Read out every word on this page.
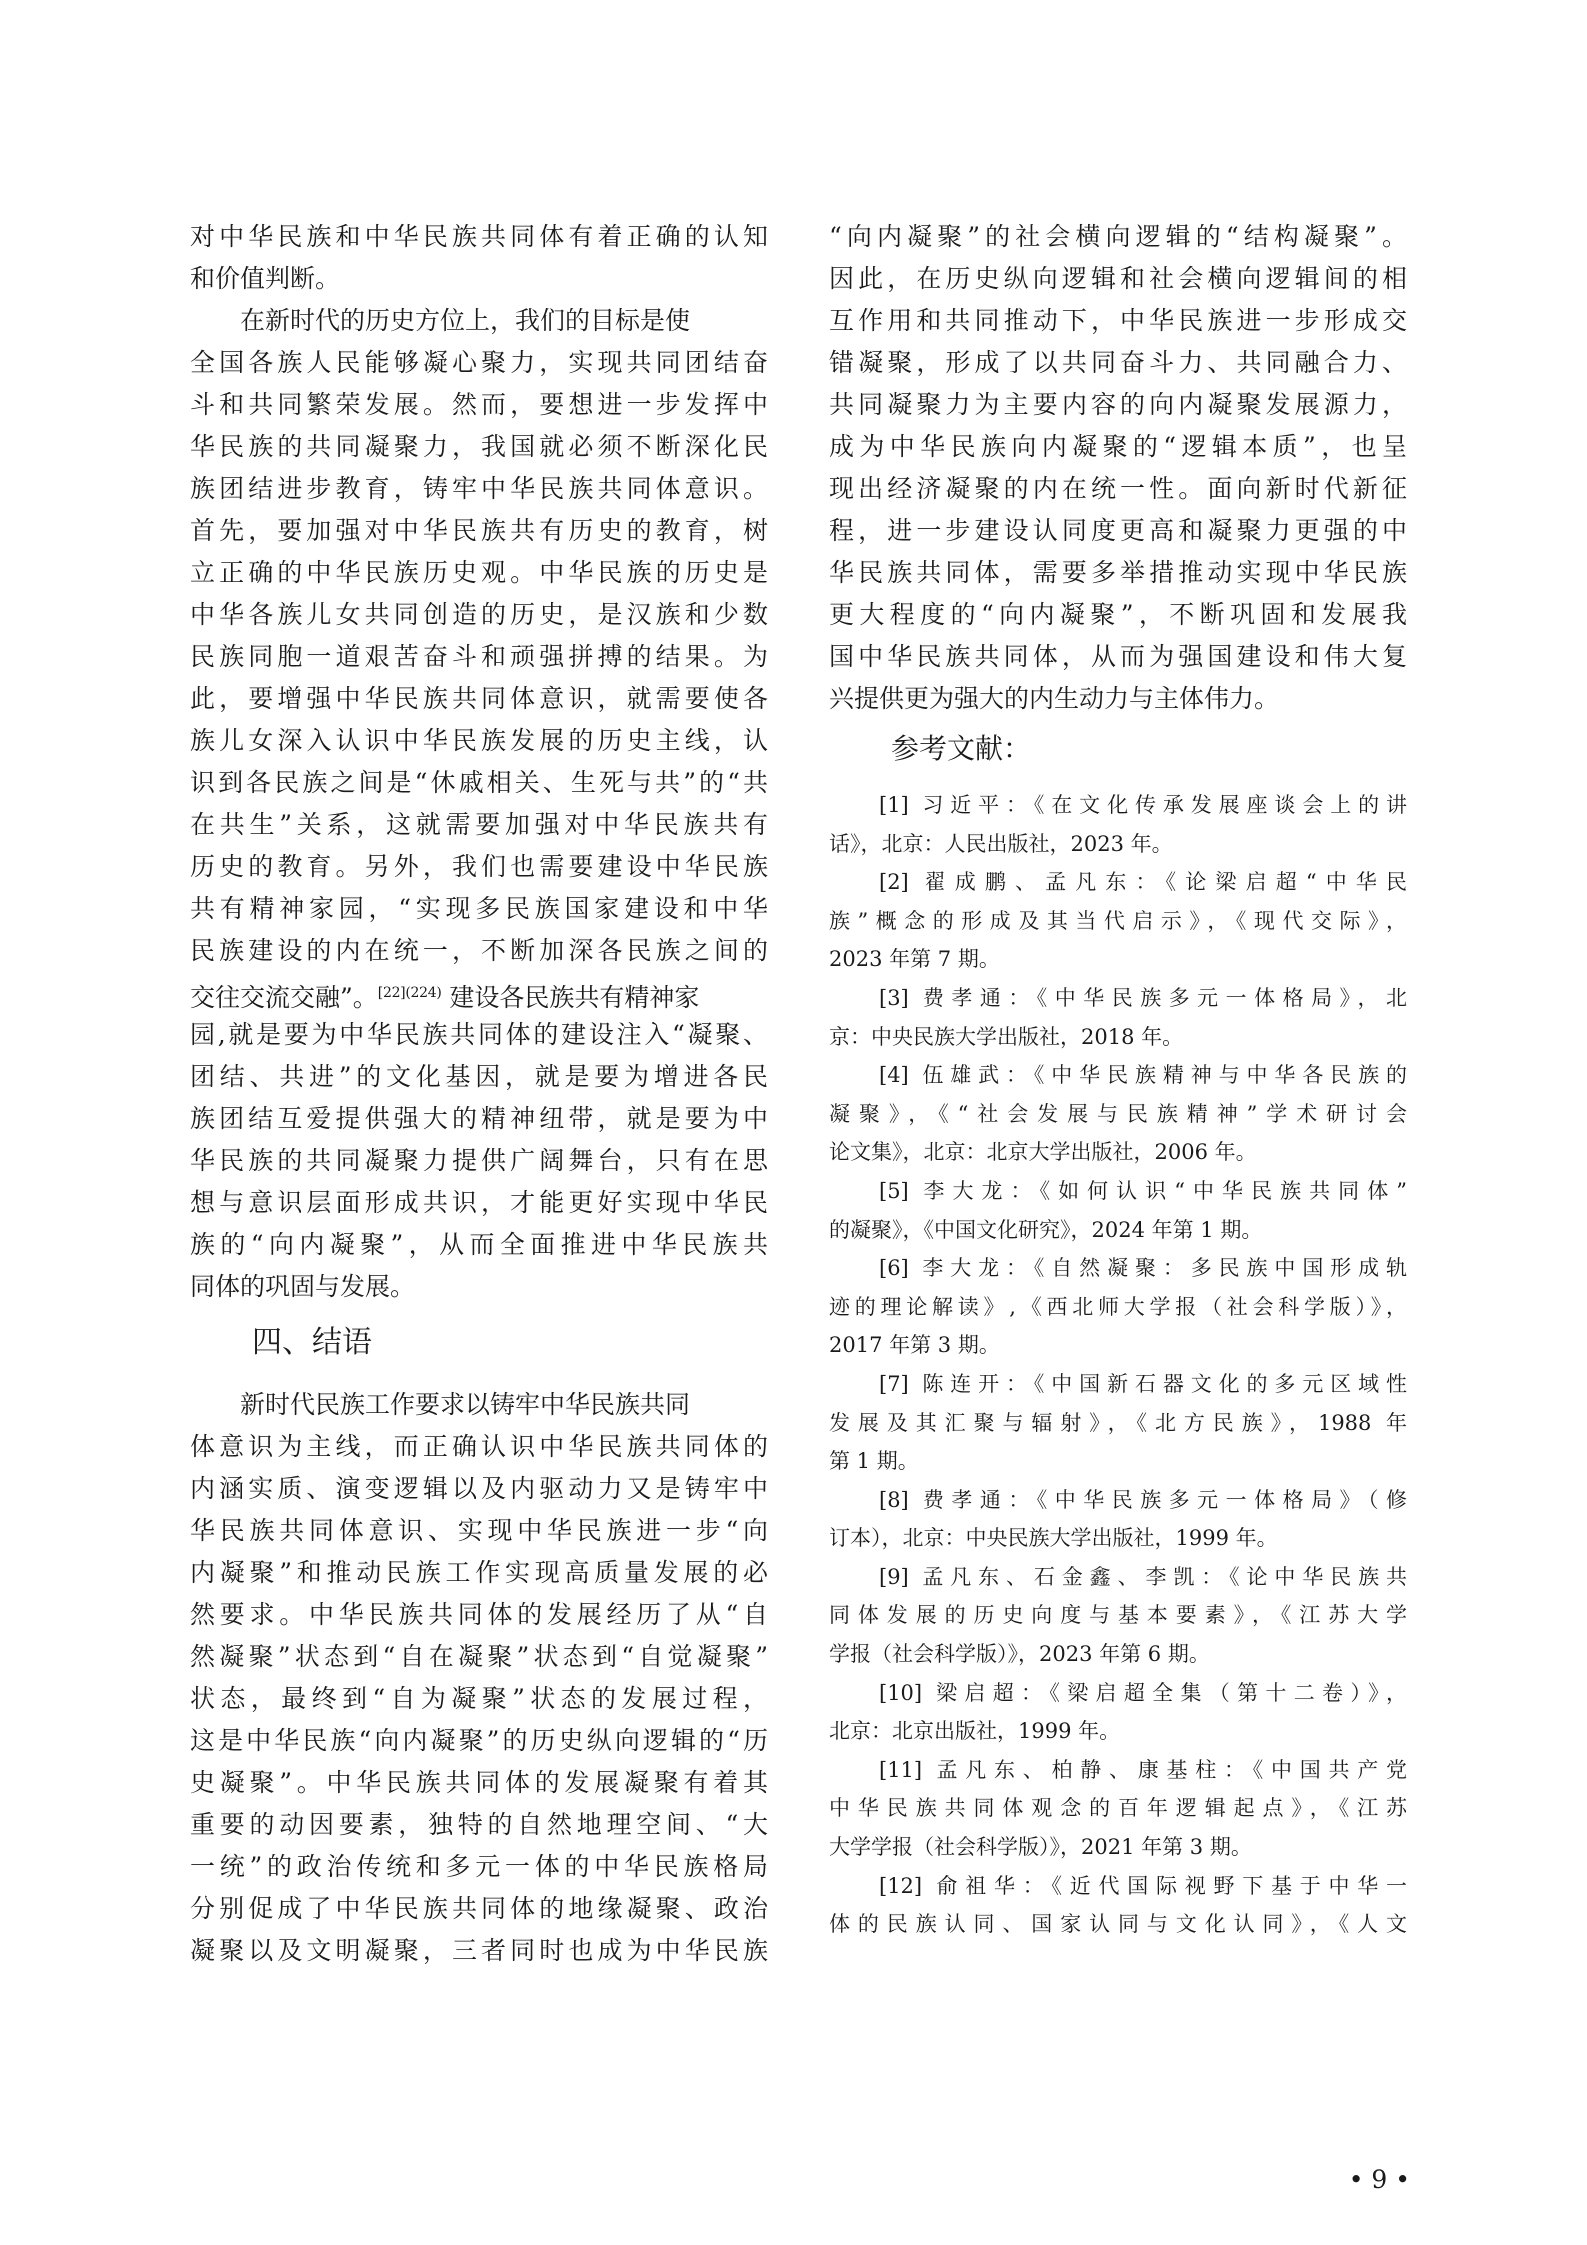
对中华民族和中华民族共同体有着正确的认知
和价值判断。
在新时代的历史方位上，我们的目标是使
全国各族人民能够凝心聚力，实现共同团结奋
斗和共同繁荣发展。然而，要想进一步发挥中
华民族的共同凝聚力，我国就必须不断深化民
族团结进步教育，铸牢中华民族共同体意识。
首先，要加强对中华民族共有历史的教育，树
立正确的中华民族历史观。中华民族的历史是
中华各族儿女共同创造的历史，是汉族和少数
民族同胞一道艰苦奋斗和顽强拼搏的结果。为
此，要增强中华民族共同体意识，就需要使各
族儿女深入认识中华民族发展的历史主线，认
识到各民族之间是“休戚相关、生死与共”的“共
在共生”关系，这就需要加强对中华民族共有
历史的教育。另外，我们也需要建设中华民族
共有精神家园，“实现多民族国家建设和中华
民族建设的内在统一，不断加深各民族之间的
交往交流交融”。$^{[22](224)}$ 建设各民族共有精神家
园,就是要为中华民族共同体的建设注入“凝聚、
团结、共进”的文化基因，就是要为增进各民
族团结互爱提供强大的精神纽带，就是要为中
华民族的共同凝聚力提供广阔舞台，只有在思
想与意识层面形成共识，才能更好实现中华民
族的“向内凝聚”，从而全面推进中华民族共
同体的巩固与发展。
四、结语
新时代民族工作要求以铸牢中华民族共同
体意识为主线，而正确认识中华民族共同体的
内涵实质、演变逻辑以及内驱动力又是铸牢中
华民族共同体意识、实现中华民族进一步“向
内凝聚”和推动民族工作实现高质量发展的必
然要求。中华民族共同体的发展经历了从“自
然凝聚”状态到“自在凝聚”状态到“自觉凝聚”
状态，最终到“自为凝聚”状态的发展过程，
这是中华民族“向内凝聚”的历史纵向逻辑的“历
史凝聚”。中华民族共同体的发展凝聚有着其
重要的动因要素，独特的自然地理空间、“大
一统”的政治传统和多元一体的中华民族格局
分别促成了中华民族共同体的地缘凝聚、政治
凝聚以及文明凝聚，三者同时也成为中华民族
“向内凝聚”的社会横向逻辑的“结构凝聚”。
因此，在历史纵向逻辑和社会横向逻辑间的相
互作用和共同推动下，中华民族进一步形成交
错凝聚，形成了以共同奋斗力、共同融合力、
共同凝聚力为主要内容的向内凝聚发展源力，
成为中华民族向内凝聚的“逻辑本质”，也呈
现出经济凝聚的内在统一性。面向新时代新征
程，进一步建设认同度更高和凝聚力更强的中
华民族共同体，需要多举措推动实现中华民族
更大程度的“向内凝聚”，不断巩固和发展我
国中华民族共同体，从而为强国建设和伟大复
兴提供更为强大的内生动力与主体伟力。
参考文献：
[1] 习近平：《在文化传承发展座谈会上的讲
话》，北京：人民出版社，2023 年。
[2] 翟成鹏、孟凡东：《论梁启超“中华民
族”概念的形成及其当代启示》，《现代交际》，
2023 年第 7 期。
[3] 费孝通：《中华民族多元一体格局》，北
京：中央民族大学出版社，2018 年。
[4] 伍雄武：《中华民族精神与中华各民族的
凝聚》，《“社会发展与民族精神”学术研讨会
论文集》，北京：北京大学出版社，2006 年。
[5] 李大龙：《如何认识“中华民族共同体”
的凝聚》，《中国文化研究》，2024 年第 1 期。
[6] 李大龙：《自然凝聚：多民族中国形成轨
迹的理论解读》,《西北师大学报（社会科学版）》，
2017 年第 3 期。
[7] 陈连开：《中国新石器文化的多元区域性
发展及其汇聚与辐射》，《北方民族》，1988 年
第 1 期。
[8] 费孝通：《中华民族多元一体格局》（修
订本），北京：中央民族大学出版社，1999 年。
[9] 孟凡东、石金鑫、李凯：《论中华民族共
同体发展的历史向度与基本要素》，《江苏大学
学报（社会科学版）》，2023 年第 6 期。
[10] 梁启超：《梁启超全集（第十二卷）》，
北京：北京出版社，1999 年。
[11] 孟凡东、柏静、康基柱：《中国共产党
中华民族共同体观念的百年逻辑起点》，《江苏
大学学报（社会科学版）》，2021 年第 3 期。
[12] 俞祖华：《近代国际视野下基于中华一
体的民族认同、国家认同与文化认同》，《人文
• 9 •
